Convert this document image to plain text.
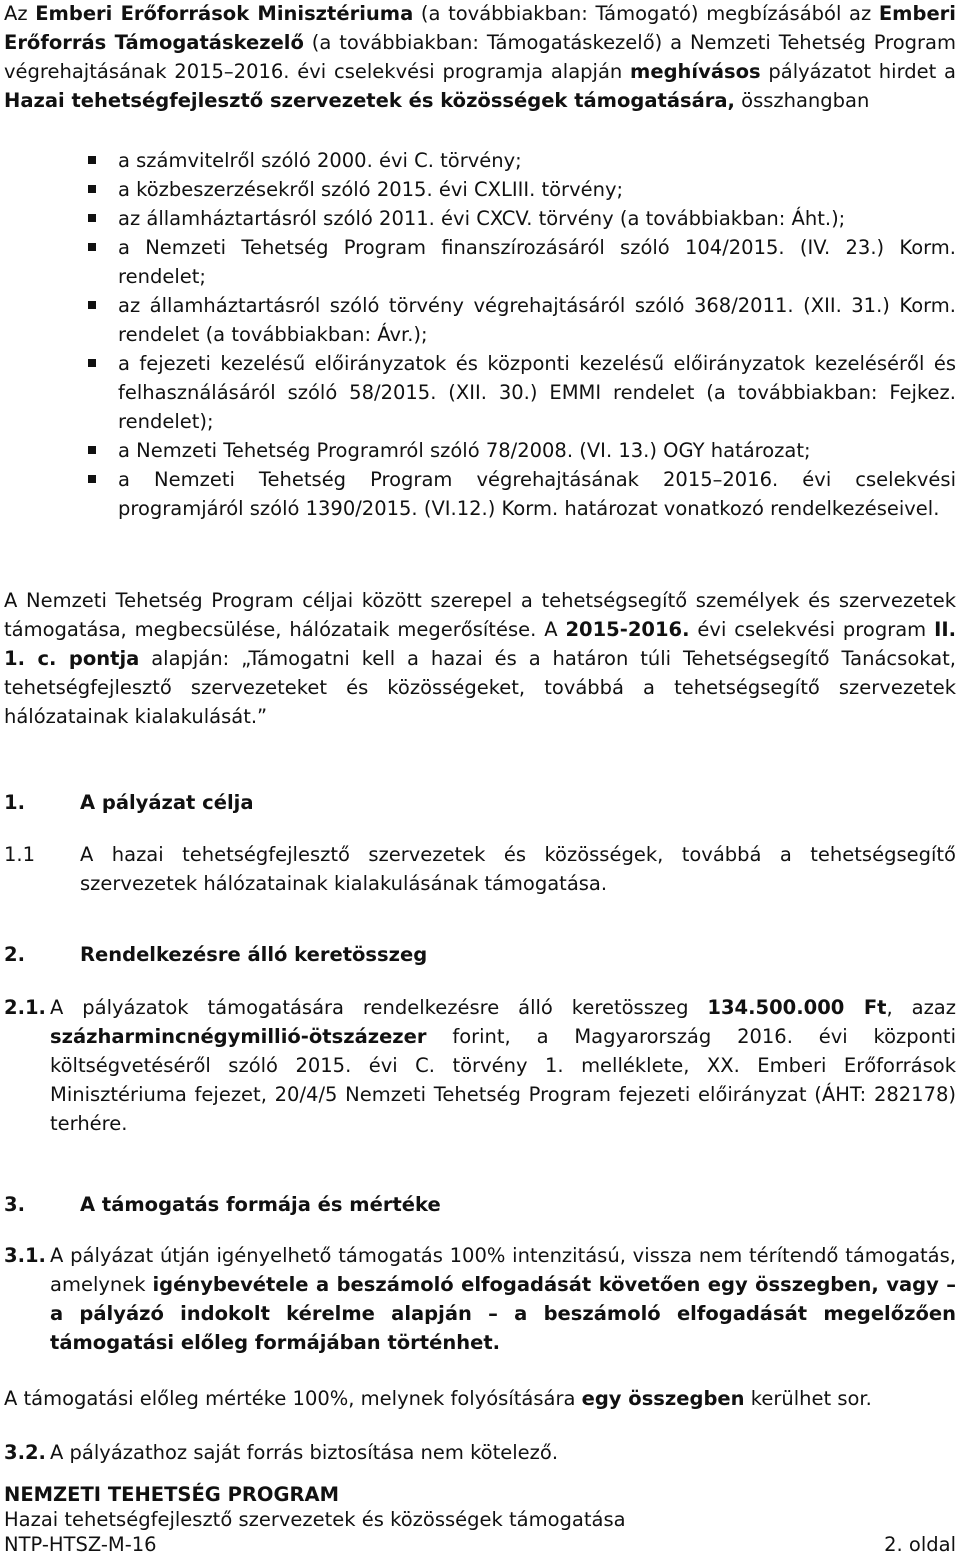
Az Emberi Erőforrások Minisztériuma (a továbbiakban: Támogató) megbízásából az Emberi Erőforrás Támogatáskezelő (a továbbiakban: Támogatáskezelő) a Nemzeti Tehetség Program végrehajtásának 2015–2016. évi cselekvési programja alapján meghívásos pályázatot hirdet a Hazai tehetségfejlesztő szervezetek és közösségek támogatására, összhangban

a számvitelről szóló 2000. évi C. törvény;
a közbeszerzésekről szóló 2015. évi CXLIII. törvény;
az államháztartásról szóló 2011. évi CXCV. törvény (a továbbiakban: Áht.);
a Nemzeti Tehetség Program finanszírozásáról szóló 104/2015. (IV. 23.) Korm. rendelet;
az államháztartásról szóló törvény végrehajtásáról szóló 368/2011. (XII. 31.) Korm. rendelet (a továbbiakban: Ávr.);
a fejezeti kezelésű előirányzatok és központi kezelésű előirányzatok kezeléséről és felhasználásáról szóló 58/2015. (XII. 30.) EMMI rendelet (a továbbiakban: Fejkez. rendelet);
a Nemzeti Tehetség Programról szóló 78/2008. (VI. 13.) OGY határozat;
a Nemzeti Tehetség Program végrehajtásának 2015–2016. évi cselekvési programjáról szóló 1390/2015. (VI.12.) Korm. határozat vonatkozó rendelkezéseivel.

A Nemzeti Tehetség Program céljai között szerepel a tehetségsegítő személyek és szervezetek támogatása, megbecsülése, hálózataik megerősítése. A 2015-2016. évi cselekvési program II. 1. c. pontja alapján: „Támogatni kell a hazai és a határon túli Tehetségsegítő Tanácsokat, tehetségfejlesztő szervezeteket és közösségeket, továbbá a tehetségsegítő szervezetek hálózatainak kialakulását.”

1.	A pályázat célja
1.1 A hazai tehetségfejlesztő szervezetek és közösségek, továbbá a tehetségsegítő szervezetek hálózatainak kialakulásának támogatása.
2.	Rendelkezésre álló keretösszeg
2.1. A pályázatok támogatására rendelkezésre álló keretösszeg 134.500.000 Ft, azaz százharmincnégymillió-ötszázezer forint, a Magyarország 2016. évi központi költségvetéséről szóló 2015. évi C. törvény 1. melléklete, XX. Emberi Erőforrások Minisztériuma fejezet, 20/4/5 Nemzeti Tehetség Program fejezeti előirányzat (ÁHT: 282178) terhére.
3.	A támogatás formája és mértéke
3.1. A pályázat útján igényelhető támogatás 100% intenzitású, vissza nem térítendő támogatás, amelynek igénybevétele a beszámoló elfogadását követően egy összegben, vagy – a pályázó indokolt kérelme alapján – a beszámoló elfogadását megelőzően támogatási előleg formájában történhet.

A támogatási előleg mértéke 100%, melynek folyósítására egy összegben kerülhet sor.

3.2. A pályázathoz saját forrás biztosítása nem kötelező.
NEMZETI TEHETSÉG PROGRAM
Hazai tehetségfejlesztő szervezetek és közösségek támogatása
NTP-HTSZ-M-16	2. oldal
